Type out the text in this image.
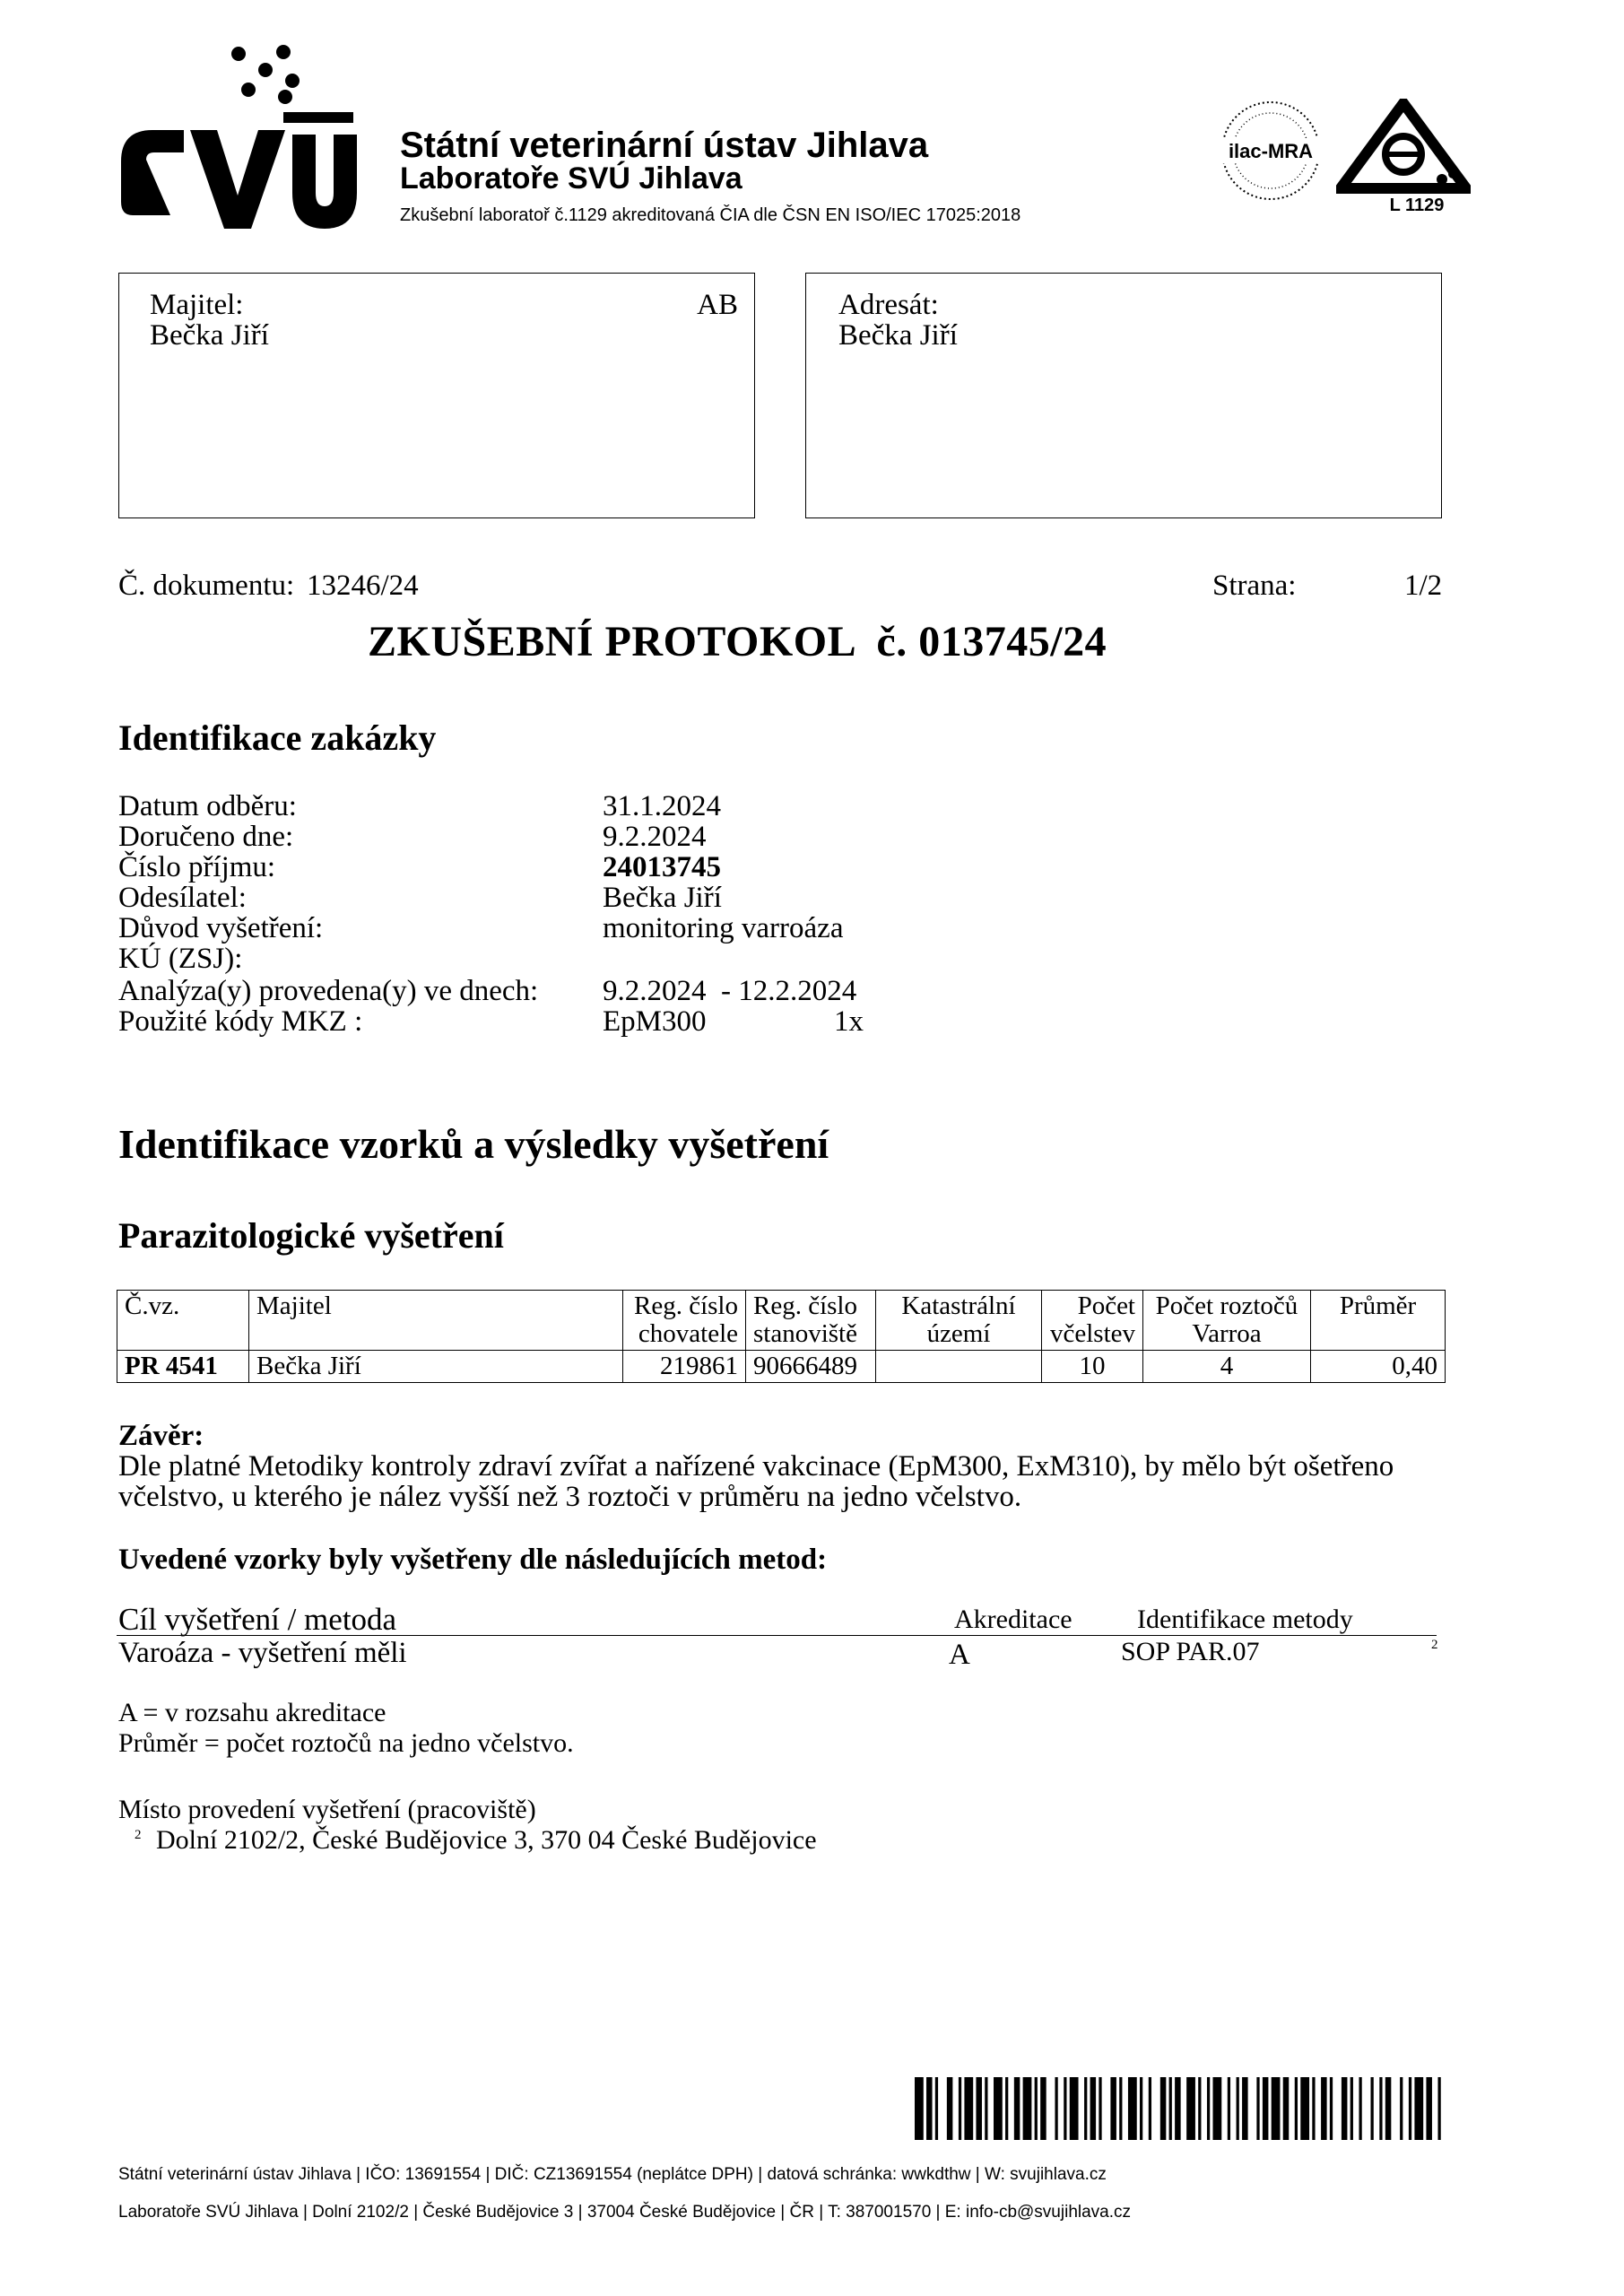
Státní veterinární ústav Jihlava
Laboratoře SVÚ Jihlava
Zkušební laboratoř č.1129 akreditovaná ČIA dle ČSN EN ISO/IEC 17025:2018
ilac-MRA
L 1129
Majitel:
Bečka Jiří
AB	Adresát:
Bečka Jiří
Č. dokumentu: 13246/24	Strana:	1/2
ZKUŠEBNÍ PROTOKOL  č. 013745/24
Identifikace zakázky
Datum odběru:	31.1.2024
Doručeno dne:	9.2.2024
Číslo příjmu:	24013745
Odesílatel:	Bečka Jiří
Důvod vyšetření:	monitoring varroáza
KÚ (ZSJ):
Analýza(y) provedena(y) ve dnech: 9.2.2024  - 12.2.2024
Použité kódy MKZ :	EpM300	1x
Identifikace vzorků a výsledky vyšetření
Parazitologické vyšetření
Č.vz.	Majitel	Reg. číslo chovatele	Reg. číslo stanoviště	Katastrální území	Počet včelstev	Počet roztočů Varroa	Průměr
PR 4541	Bečka Jiří	219861	90666489		10	4	0,40
Závěr:
Dle platné Metodiky kontroly zdraví zvířat a nařízené vakcinace (EpM300, ExM310), by mělo být ošetřeno
včelstvo, u kterého je nález vyšší než 3 roztoči v průměru na jedno včelstvo.
Uvedené vzorky byly vyšetřeny dle následujících metod:
Cíl vyšetření / metoda	Akreditace Identifikace metody
Varoáza - vyšetření měli	A	SOP PAR.07	2
A = v rozsahu akreditace
Průměr = počet roztočů na jedno včelstvo.
Místo provedení vyšetření (pracoviště)
2 Dolní 2102/2, České Budějovice 3, 370 04 České Budějovice
Státní veterinární ústav Jihlava | IČO: 13691554 | DIČ: CZ13691554 (neplátce DPH) | datová schránka: wwkdthw | W: svujihlava.cz
Laboratoře SVÚ Jihlava | Dolní 2102/2 | České Budějovice 3 | 37004 České Budějovice | ČR | T: 387001570 | E: info-cb@svujihlava.cz
